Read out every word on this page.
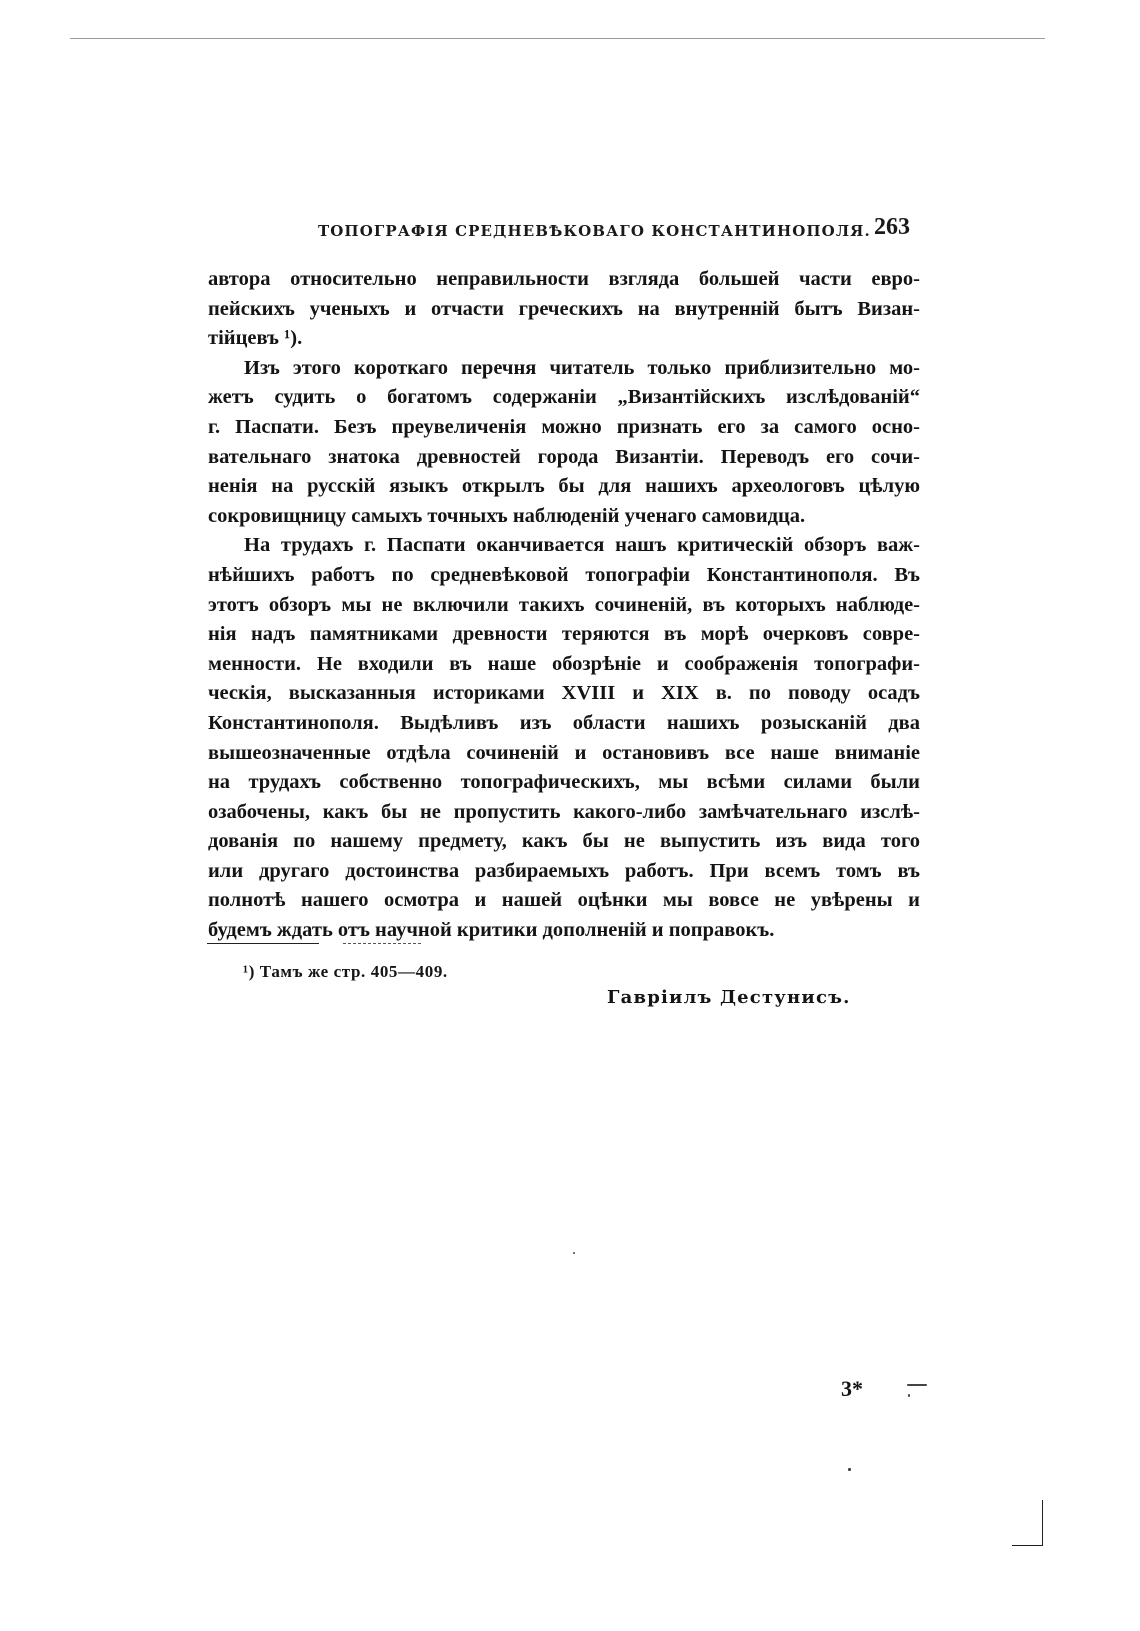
ТОПОГРАФІЯ СРЕДНЕВѢКОВАГО КОНСТАНТИНОПОЛЯ. 263
автора относительно неправильности взгляда большей части евро-
пейскихъ ученыхъ и отчасти греческихъ на внутренній бытъ Визан-
тійцевъ ¹).
Изъ этого короткаго перечня читатель только приблизительно мо-
жетъ судить о богатомъ содержаніи „Византійскихъ изслѣдованій“
г. Паспати. Безъ преувеличенія можно признать его за самого осно-
вательнаго знатока древностей города Византіи. Переводъ его сочи-
ненія на русскій языкъ открылъ бы для нашихъ археологовъ цѣлую
сокровищницу самыхъ точныхъ наблюденій ученаго самовидца.
На трудахъ г. Паспати оканчивается нашъ критическій обзоръ важ-
нѣйшихъ работъ по средневѣковой топографіи Константинополя. Въ
этотъ обзоръ мы не включили такихъ сочиненій, въ которыхъ наблюде-
нія надъ памятниками древности теряются въ морѣ очерковъ совре-
менности. Не входили въ наше обозрѣніе и соображенія топографи-
ческія, высказанныя историками XVIII и XIX в. по поводу осадъ
Константинополя. Выдѣливъ изъ области нашихъ розысканій два
вышеозначенные отдѣла сочиненій и остановивъ все наше вниманіе
на трудахъ собственно топографическихъ, мы всѣми силами были
озабочены, какъ бы не пропустить какого-либо замѣчательнаго изслѣ-
дованія по нашему предмету, какъ бы не выпустить изъ вида того
или другаго достоинства разбираемыхъ работъ. При всемъ томъ въ
полнотѣ нашего осмотра и нашей оцѣнки мы вовсе не увѣрены и
будемъ ждать отъ научной критики дополненій и поправокъ.
¹) Тамъ же стр. 405—409.
Гавріилъ Дестунисъ.
3*
